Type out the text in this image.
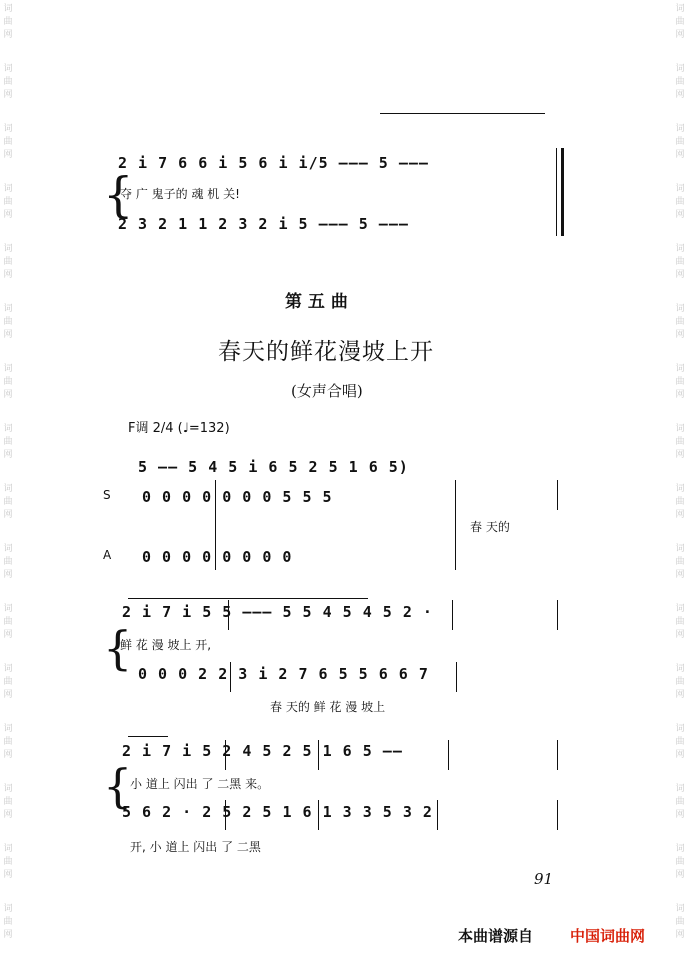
词
曲
网
词
曲
网
词
曲
网
词
曲
网
词
曲
网
词
曲
网
词
曲
网
词
曲
网
词
曲
网
词
曲
网
词
曲
网
词
曲
网
词
曲
网
词
曲
网
词
曲
网
词
曲
网
词
曲
网
词
曲
网
词
曲
网
词
曲
网
词
曲
网
词
曲
网
词
曲
网
词
曲
网
词
曲
网
词
曲
网
词
曲
网
词
曲
网
词
曲
网
词
曲
网
词
曲
网
词
曲
网
2 i 7 6 6 i 5 6 i i/5 ——— 5 ———
夺 广 鬼子的 魂 机 关!
2 3 2 1 1 2 3 2 i 5 ——— 5 ———
{
第 五 曲
春天的鲜花漫坡上开
(女声合唱)
F调 2/4 (♩=132)
5 —— 5 4 5 i 6 5 2 5 1 6 5)
S 0 0 0 0 0 0 0 5 5 5
春 天的
A 0 0 0 0 0 0 0 0
2 i 7 i 5 5 ——— 5 5 4 5 4 5 2 ·
鲜 花 漫 坡上 开,
0 0 0 2 2 3 i 2 7 6 5 5 6 6 7
春 天的 鲜 花 漫 坡上
{
2 i 7 i 5 2 4 5 2 5 1 6 5 ——
小 道上 闪出 了 二黑 来。
5 6 2 · 2 5 2 5 1 6 1 3 3 5 3 2
开, 小 道上 闪出 了 二黑
{
91
本曲谱源自 中国词曲网
